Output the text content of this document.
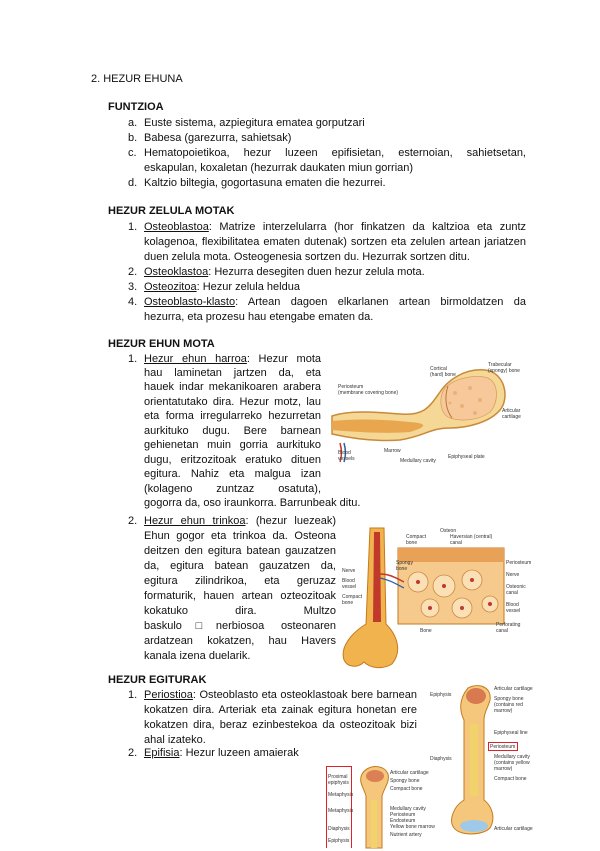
2. HEZUR EHUNA
FUNTZIOA
a. Euste sistema, azpiegitura ematea gorputzari
b. Babesa (garezurra, sahietsak)
c. Hematopoietikoa, hezur luzeen epifisietan, esternoian, sahietsetan,
eskapulan, koxaletan (hezurrak daukaten miun gorrian)
d. Kaltzio biltegia, gogortasuna ematen die hezurrei.
HEZUR ZELULA MOTAK
1. Osteoblastoa: Matrize interzelularra (hor finkatzen da kaltzioa eta zuntz
kolagenoa, flexibilitatea ematen dutenak) sortzen eta zelulen artean jariatzen
duen zelula mota. Osteogenesia sortzen du. Hezurrak sortzen ditu.
2. Osteoklastoa: Hezurra desegiten duen hezur zelula mota.
3. Osteozitoa: Hezur zelula heldua
4. Osteoblasto-klasto: Artean dagoen elkarlanen artean birmoldatzen da
hezurra, eta prozesu hau etengabe ematen da.
HEZUR EHUN MOTA
1. Hezur ehun harroa: Hezur mota
hau laminetan jartzen da, eta
hauek indar mekanikoaren arabera
orientatutako dira. Hezur motz, lau
eta forma irregularreko hezurretan
aurkituko dugu. Bere barnean
gehienetan muin gorria aurkituko
dugu, eritzozitoak eratuko dituen
egitura. Nahiz eta malgua izan
(kolageno zuntzaz osatuta),
gogorra da, oso iraunkorra. Barrunbeak ditu.
2. Hezur ehun trinkoa: (hezur luezeak)
Ehun gogor eta trinkoa da. Osteona
deitzen den egitura batean gauzatzen
da, egitura batean gauzatzen da,
egitura zilindrikoa, eta geruzaz
formaturik, hauen artean ozteozitoak
kokatuko dira. Multzo
baskulo□nerbiosoa osteonaren
ardatzean kokatzen, hau Havers
kanala izena duelarik.
HEZUR EGITURAK
1. Periostioa: Osteoblasto eta osteoklastoak bere barnean
kokatzen dira. Arteriak eta zainak egitura honetan ere
kokatzen dira, beraz ezinbestekoa da osteozitoak bizi
ahal izateko.
2. Epifisia: Hezur luzeen amaierak
Periosteum
(membrane covering bone)
Cortical
(hard) bone
Trabecular
(spongy) bone
Articular
cartilage
Blood
vessels
Marrow
Medullary cavity
Epiphyseal plate
Osteon
Haversian (central)
canal
Compact
bone
Spongy
bone
Nerve
Blood
vessel
Compact
bone
Periosteum
Nerve
Osteonic
canal
Blood
vessel
Perforating
canal
Bone
Articular cartilage
Spongy bone
(contains red
marrow)
Epiphyseal line
Periosteum
Medullary cavity
(contains yellow
marrow)
Compact bone
Diaphysis
Epiphysis
Articular cartilage
Proximal
epiphysis
Metaphysis
Articular cartilage
Spongy bone
Compact bone
Medullary cavity
Periosteum
Endosteum
Yellow bone marrow
Nutrient artery
Diaphysis
Metaphysis
Epiphysis
